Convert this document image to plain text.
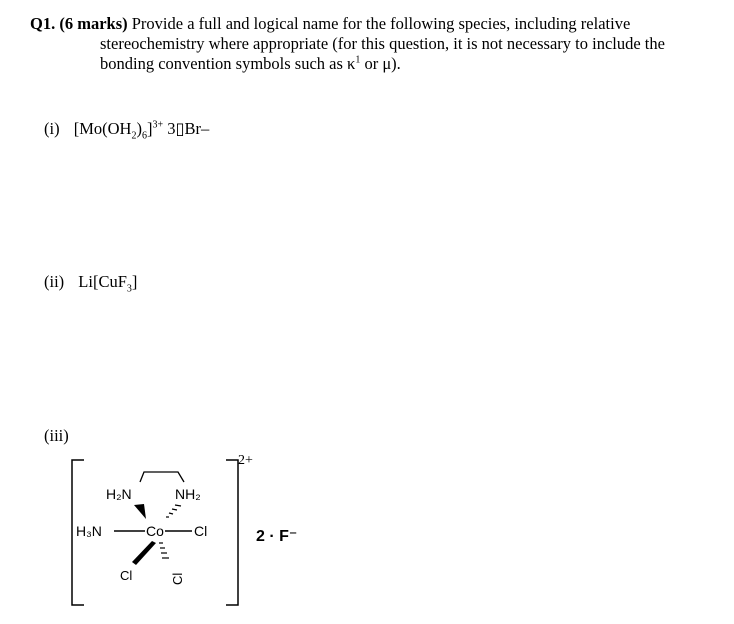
Q1. (6 marks) Provide a full and logical name for the following species, including relative
stereochemistry where appropriate (for this question, it is not necessary to include the
bonding convention symbols such as $\kappa^1$ or μ).
(i) $[Mo(OH_2)_6]^{3+}$ 3▯Br‒
(ii) Li[CuF$_3$]
(iii)
H₂N	NH₂
H₃N	Co Cl
Cl	Cl
2+
2 · F⁻
